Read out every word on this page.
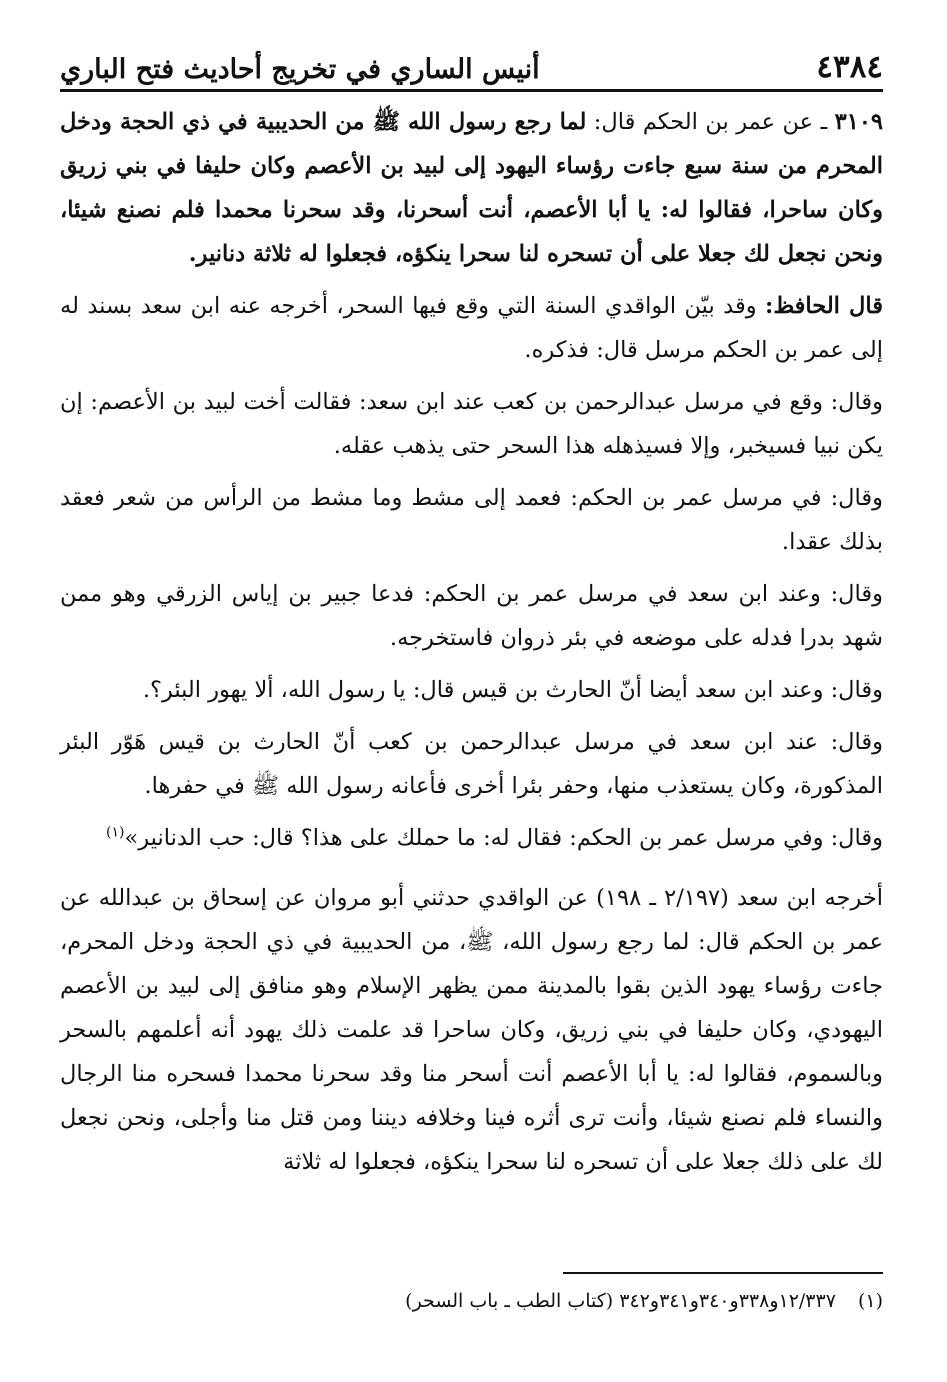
٤٣٨٤
أنيس الساري في تخريج أحاديث فتح الباري

٣١٠٩ ـ عن عمر بن الحكم قال: لما رجع رسول الله ﷺ من الحديبية في ذي الحجة ودخل المحرم من سنة سبع جاءت رؤساء اليهود إلى لبيد بن الأعصم وكان حليفا في بني زريق وكان ساحرا، فقالوا له: يا أبا الأعصم، أنت أسحرنا، وقد سحرنا محمدا فلم نصنع شيئا، ونحن نجعل لك جعلا على أن تسحره لنا سحرا ينكؤه، فجعلوا له ثلاثة دنانير.

قال الحافظ: وقد بيّن الواقدي السنة التي وقع فيها السحر، أخرجه عنه ابن سعد بسند له إلى عمر بن الحكم مرسل قال: فذكره.

وقال: وقع في مرسل عبدالرحمن بن كعب عند ابن سعد: فقالت أخت لبيد بن الأعصم: إن يكن نبيا فسيخبر، وإلا فسيذهله هذا السحر حتى يذهب عقله.

وقال: في مرسل عمر بن الحكم: فعمد إلى مشط وما مشط من الرأس من شعر فعقد بذلك عقدا.

وقال: وعند ابن سعد في مرسل عمر بن الحكم: فدعا جبير بن إياس الزرقي وهو ممن شهد بدرا فدله على موضعه في بئر ذروان فاستخرجه.

وقال: وعند ابن سعد أيضا أنّ الحارث بن قيس قال: يا رسول الله، ألا يهور البئر؟.

وقال: عند ابن سعد في مرسل عبدالرحمن بن كعب أنّ الحارث بن قيس هَوّر البئر المذكورة، وكان يستعذب منها، وحفر بئرا أخرى فأعانه رسول الله ﷺ في حفرها.

وقال: وفي مرسل عمر بن الحكم: فقال له: ما حملك على هذا؟ قال: حب الدنانير»$^{(١)}$

أخرجه ابن سعد (٢/١٩٧ ـ ١٩٨) عن الواقدي حدثني أبو مروان عن إسحاق بن عبدالله عن عمر بن الحكم قال: لما رجع رسول الله، ﷺ، من الحديبية في ذي الحجة ودخل المحرم، جاءت رؤساء يهود الذين بقوا بالمدينة ممن يظهر الإسلام وهو منافق إلى لبيد بن الأعصم اليهودي، وكان حليفا في بني زريق، وكان ساحرا قد علمت ذلك يهود أنه أعلمهم بالسحر وبالسموم، فقالوا له: يا أبا الأعصم أنت أسحر منا وقد سحرنا محمدا فسحره منا الرجال والنساء فلم نصنع شيئا، وأنت ترى أثره فينا وخلافه ديننا ومن قتل منا وأجلى، ونحن نجعل لك على ذلك جعلا على أن تسحره لنا سحرا ينكؤه، فجعلوا له ثلاثة

(١)١٢/٣٣٧و٣٣٨و٣٤٠و٣٤١و٣٤٢ (كتاب الطب ـ باب السحر)
